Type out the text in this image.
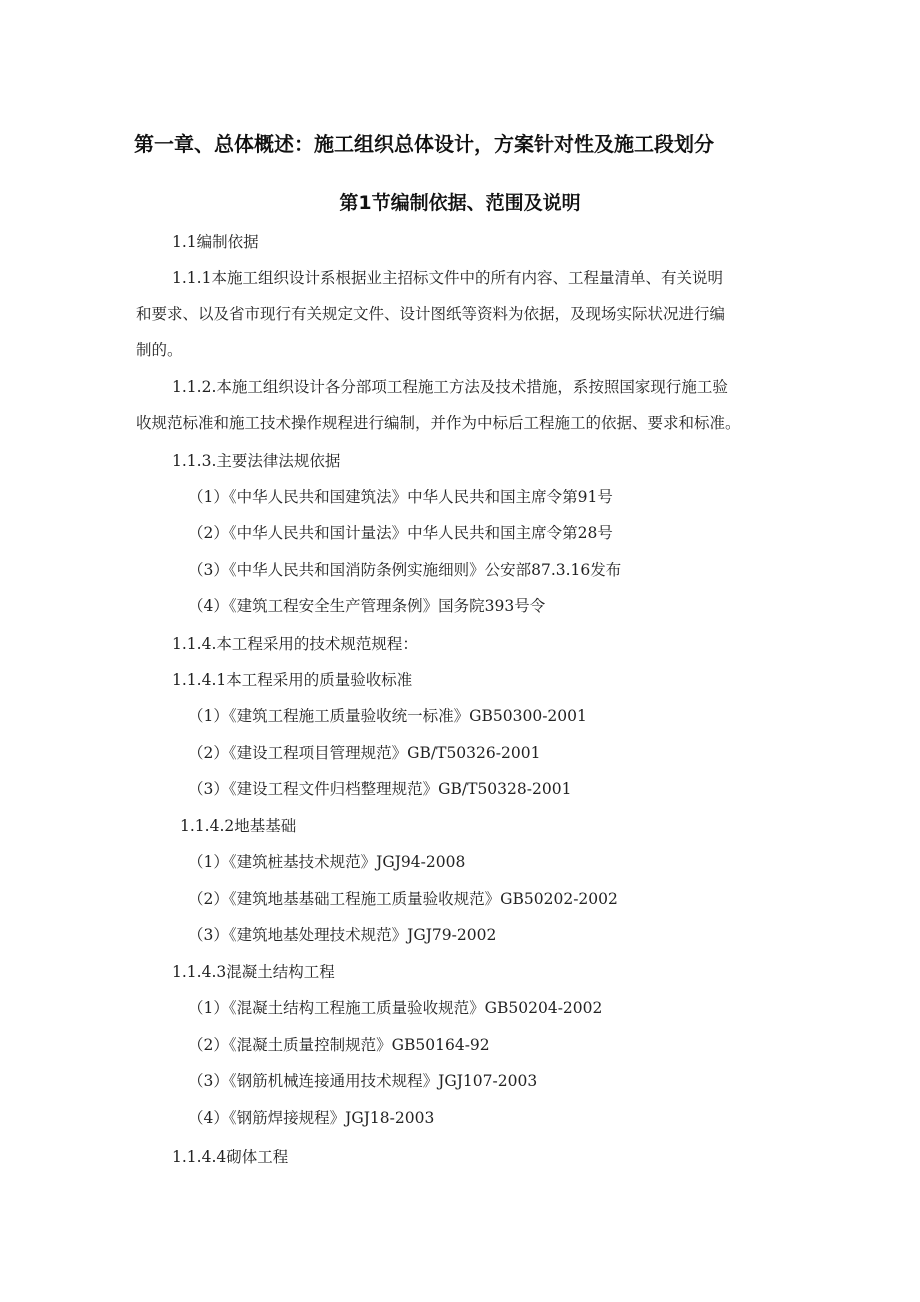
第一章、总体概述：施工组织总体设计，方案针对性及施工段划分
第1节编制依据、范围及说明
1.1编制依据
1.1.1本施工组织设计系根据业主招标文件中的所有内容、工程量清单、有关说明
和要求、以及省市现行有关规定文件、设计图纸等资料为依据，及现场实际状况进行编
制的。
1.1.2.本施工组织设计各分部项工程施工方法及技术措施，系按照国家现行施工验
收规范标准和施工技术操作规程进行编制，并作为中标后工程施工的依据、要求和标准。
1.1.3.主要法律法规依据
（1）《中华人民共和国建筑法》中华人民共和国主席令第91号
（2）《中华人民共和国计量法》中华人民共和国主席令第28号
（3）《中华人民共和国消防条例实施细则》公安部87.3.16发布
（4）《建筑工程安全生产管理条例》国务院393号令
1.1.4.本工程采用的技术规范规程：
1.1.4.1本工程采用的质量验收标准
（1）《建筑工程施工质量验收统一标准》GB50300-2001
（2）《建设工程项目管理规范》GB/T50326-2001
（3）《建设工程文件归档整理规范》GB/T50328-2001
1.1.4.2地基基础
（1）《建筑桩基技术规范》JGJ94-2008
（2）《建筑地基基础工程施工质量验收规范》GB50202-2002
（3）《建筑地基处理技术规范》JGJ79-2002
1.1.4.3混凝土结构工程
（1）《混凝土结构工程施工质量验收规范》GB50204-2002
（2）《混凝土质量控制规范》GB50164-92
（3）《钢筋机械连接通用技术规程》JGJ107-2003
（4）《钢筋焊接规程》JGJ18-2003
1.1.4.4砌体工程
